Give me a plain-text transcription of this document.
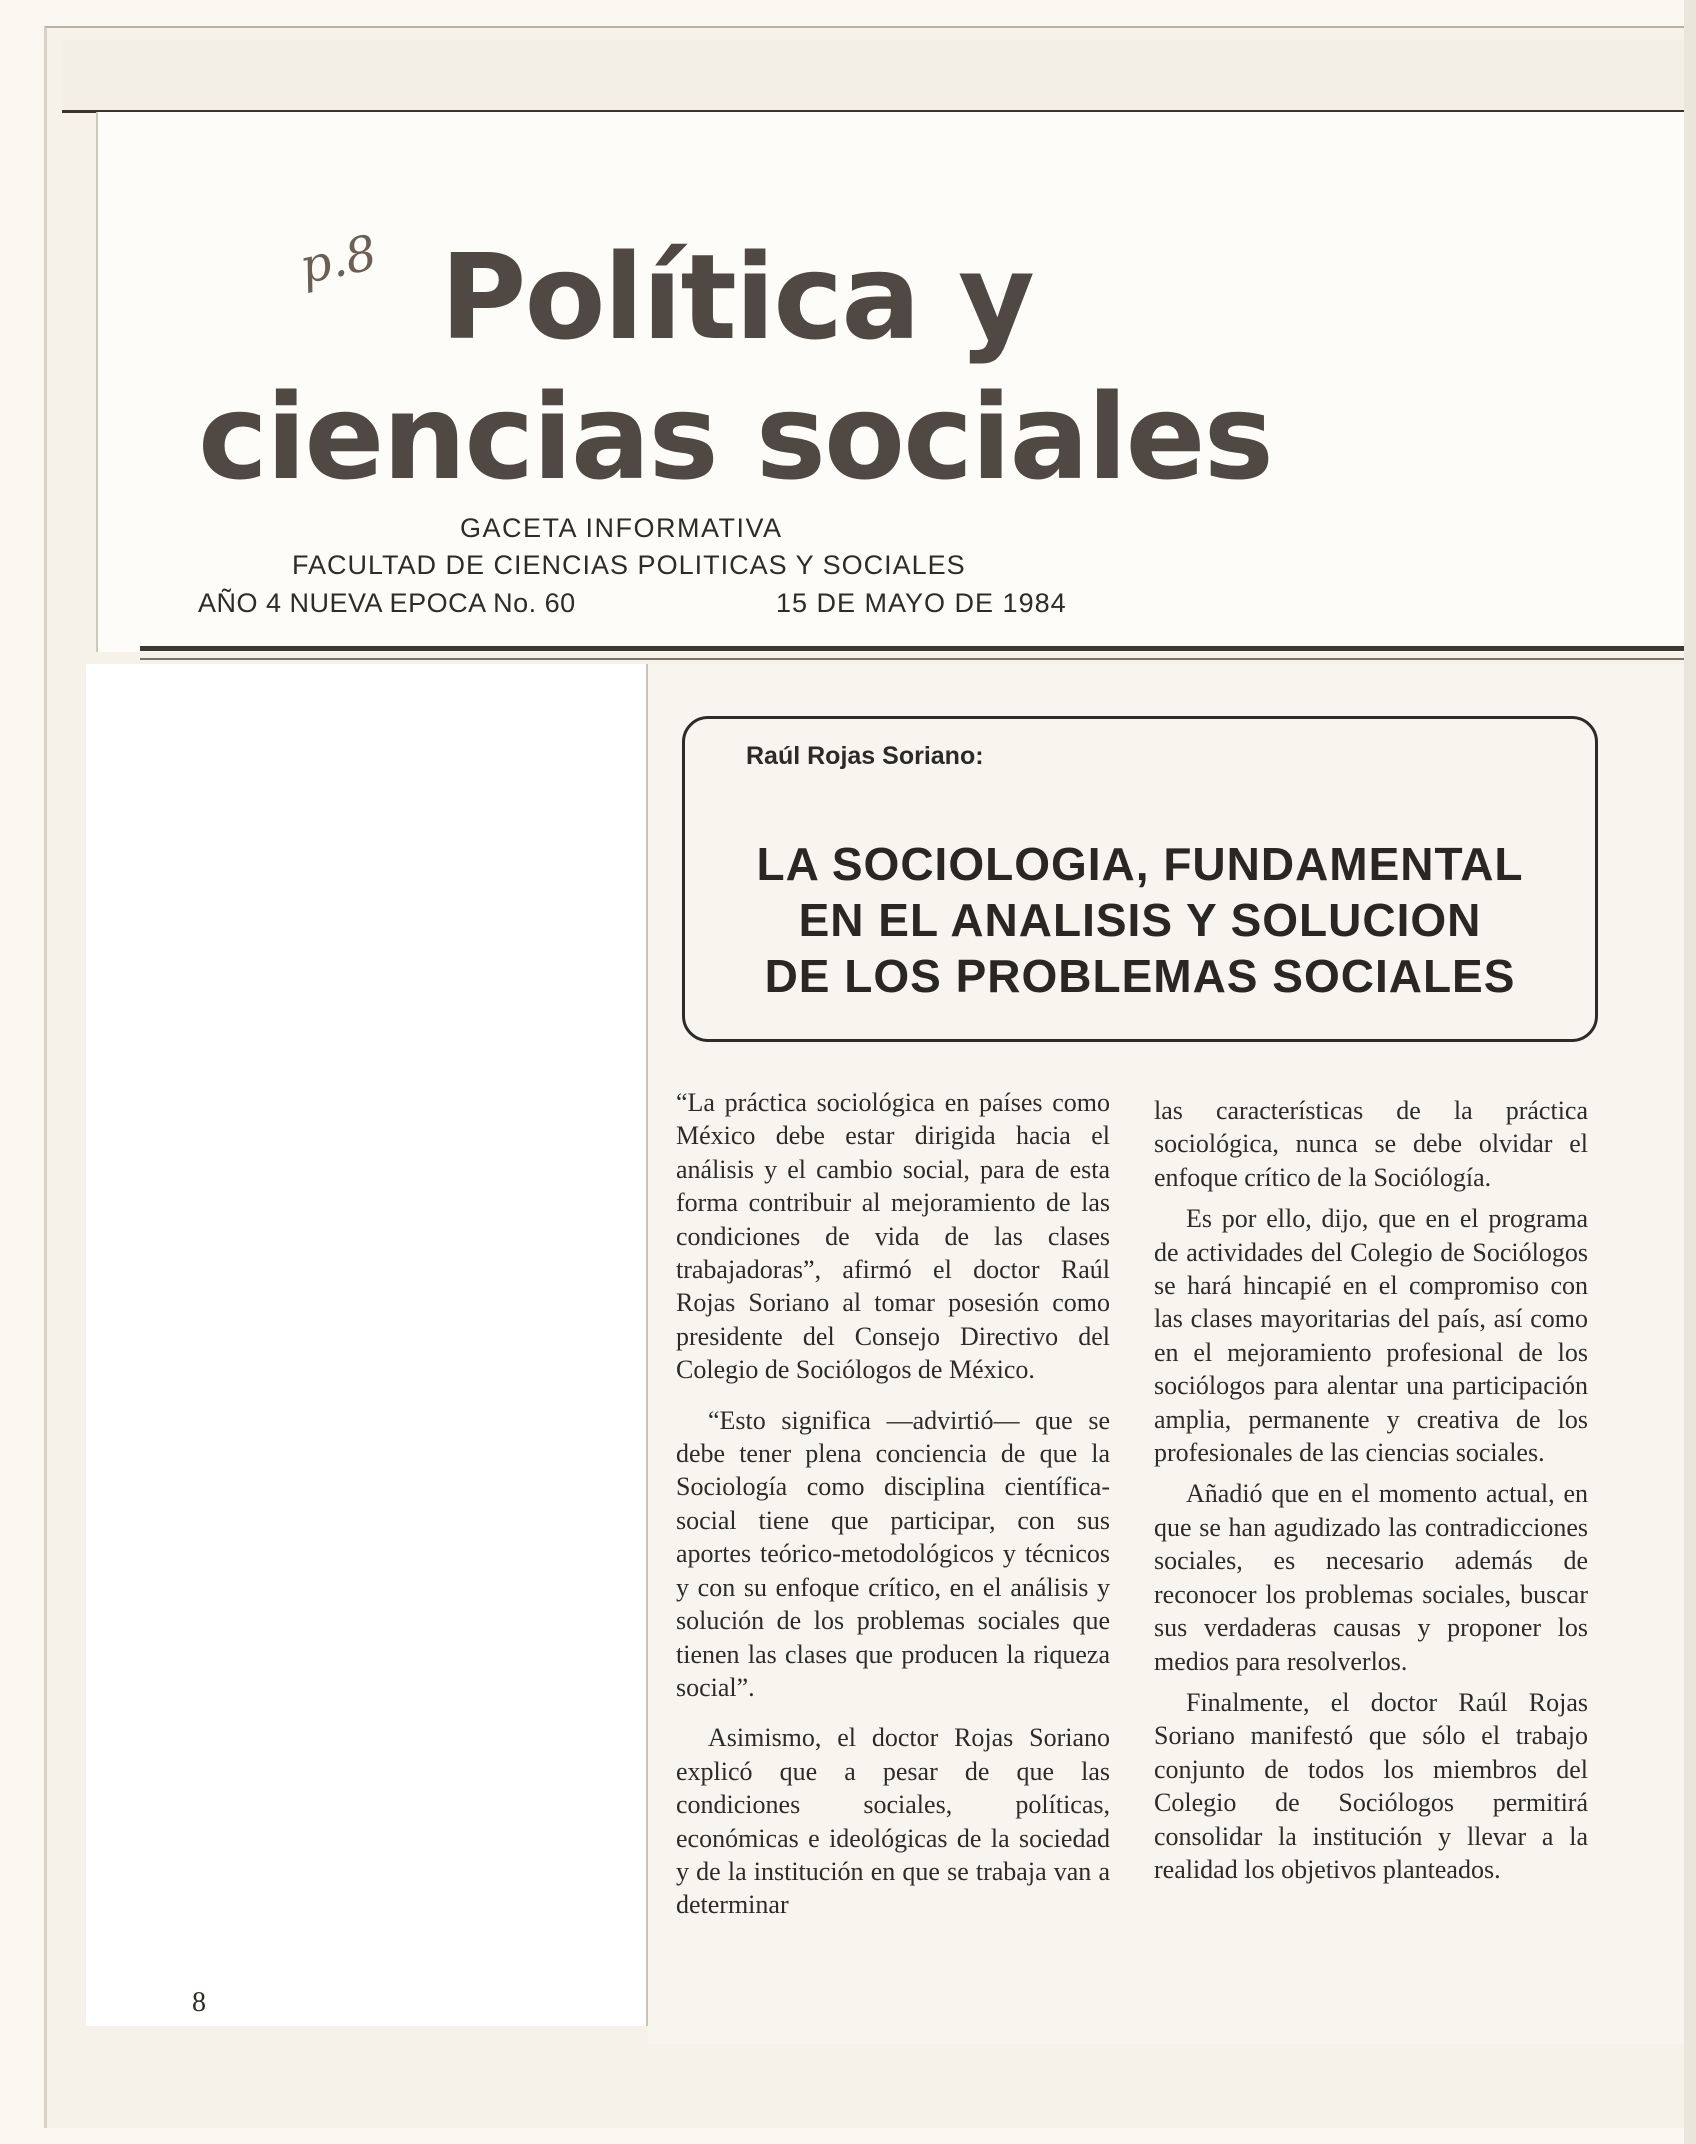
p.8 Política y
ciencias sociales
GACETA INFORMATIVA
FACULTAD DE CIENCIAS POLITICAS Y SOCIALES
AÑO 4 NUEVA EPOCA No. 60	15 DE MAYO DE 1984
Raúl Rojas Soriano:
LA SOCIOLOGIA, FUNDAMENTAL
EN EL ANALISIS Y SOLUCION
DE LOS PROBLEMAS SOCIALES

“La práctica sociológica en países como México debe estar dirigida hacia el análisis y el cambio social, para de esta forma contribuir al mejoramiento de las condiciones de vida de las clases trabajadoras”, afirmó el doctor Raúl Rojas Soriano al tomar posesión como presidente del Consejo Directivo del Colegio de Sociólogos de México.

“Esto significa —advirtió— que se debe tener plena conciencia de que la Sociología como disciplina científica-social tiene que participar, con sus aportes teórico-metodológicos y técnicos y con su enfoque crítico, en el análisis y solución de los problemas sociales que tienen las clases que producen la riqueza social”.

Asimismo, el doctor Rojas Soriano explicó que a pesar de que las condiciones sociales, políticas, económicas e ideológicas de la sociedad y de la institución en que se trabaja van a determinar

las características de la práctica sociológica, nunca se debe olvidar el enfoque crítico de la Sociólogía.

Es por ello, dijo, que en el programa de actividades del Colegio de Sociólogos se hará hincapié en el compromiso con las clases mayoritarias del país, así como en el mejoramiento profesional de los sociólogos para alentar una participación amplia, permanente y creativa de los profesionales de las ciencias sociales.

Añadió que en el momento actual, en que se han agudizado las contradicciones sociales, es necesario además de reconocer los problemas sociales, buscar sus verdaderas causas y proponer los medios para resolverlos.

Finalmente, el doctor Raúl Rojas Soriano manifestó que sólo el trabajo conjunto de todos los miembros del Colegio de Sociólogos permitirá consolidar la institución y llevar a la realidad los objetivos planteados.

8
